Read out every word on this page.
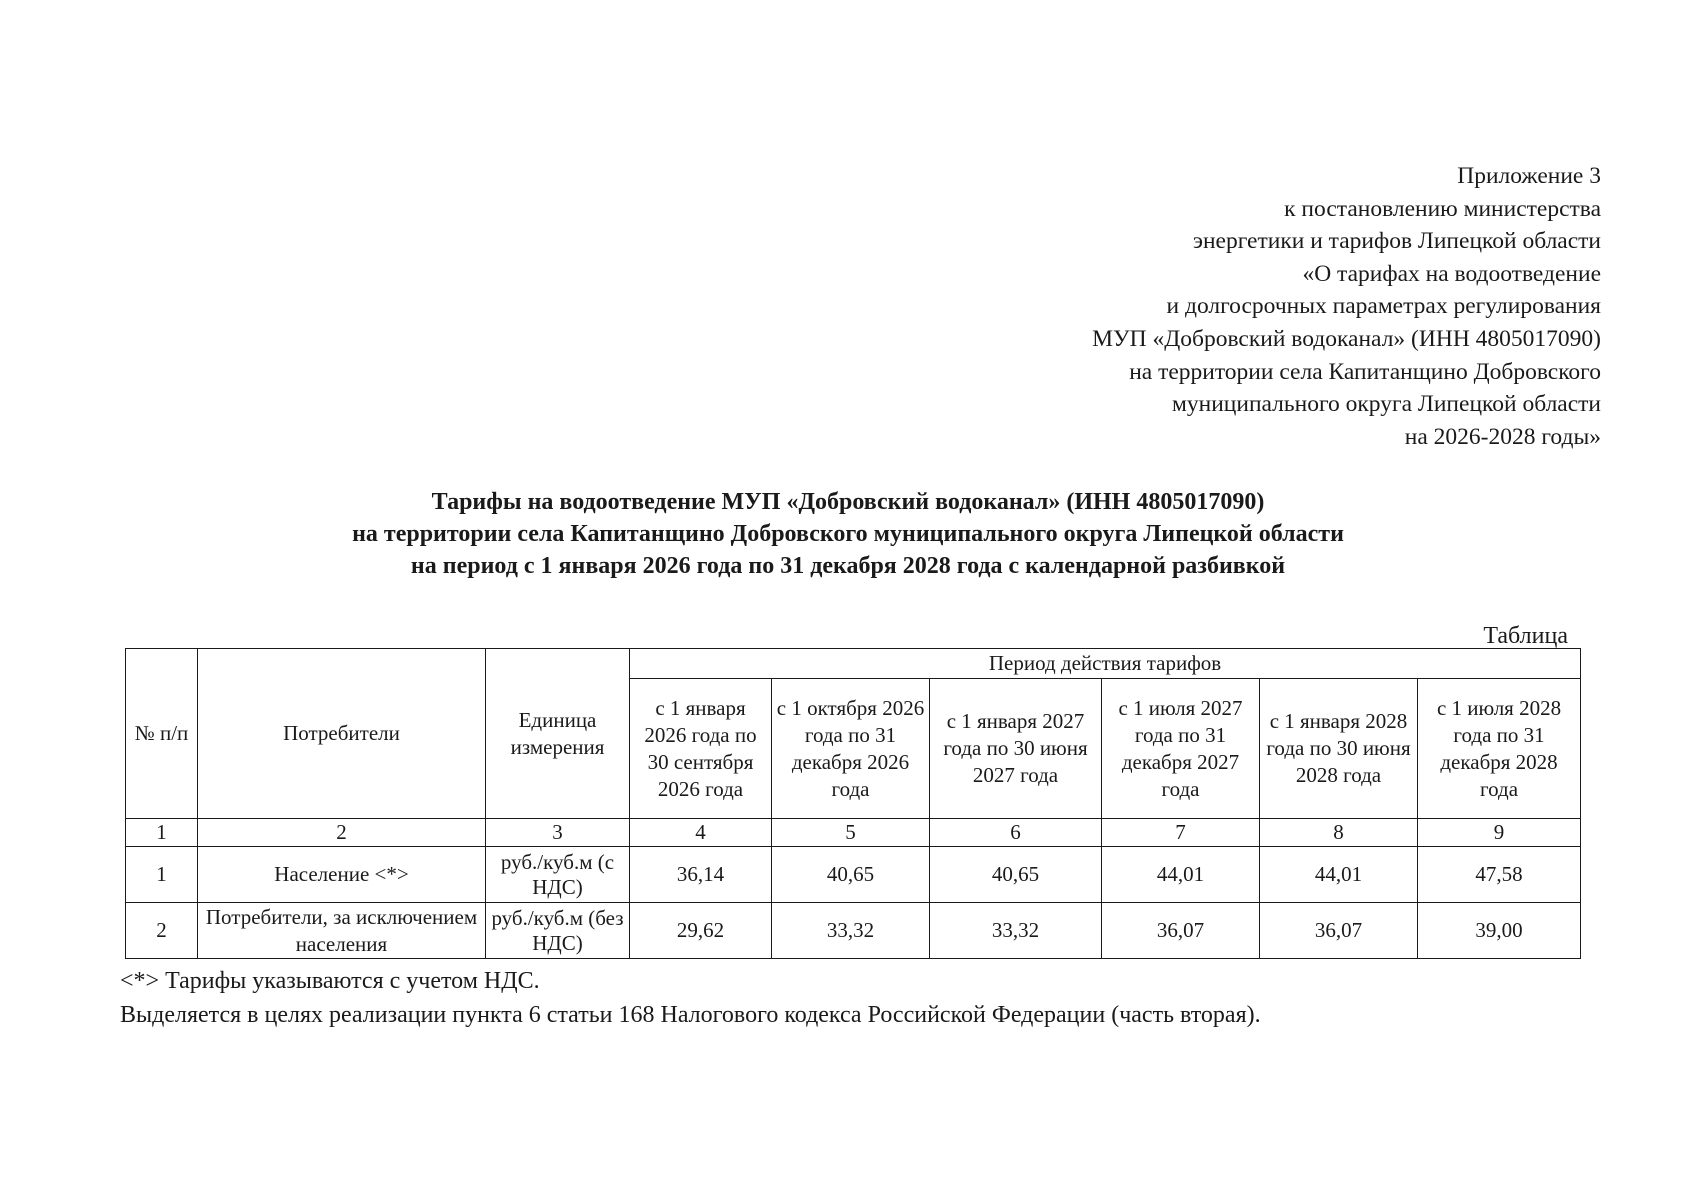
Приложение 3
к постановлению министерства
энергетики и тарифов Липецкой области
«О тарифах на водоотведение
и долгосрочных параметрах регулирования
МУП «Добровский водоканал» (ИНН 4805017090)
на территории села Капитанщино Добровского
муниципального округа Липецкой области
на 2026-2028 годы»
Тарифы на водоотведение МУП «Добровский водоканал» (ИНН 4805017090)
на территории села Капитанщино Добровского муниципального округа Липецкой области
на период с 1 января 2026 года по 31 декабря 2028 года с календарной разбивкой
Таблица
№ п/п	Потребители	Единица измерения	Период действия тарифов					
			с 1 января 2026 года по 30 сентября 2026 года	с 1 октября 2026 года по 31 декабря 2026 года	с 1 января 2027 года по 30 июня 2027 года	с 1 июля 2027 года по 31 декабря 2027 года	с 1 января 2028 года по 30 июня 2028 года	с 1 июля 2028 года по 31 декабря 2028 года
1	2	3	4	5	6	7	8	9
1	Население <*>	руб./куб.м (с НДС)	36,14	40,65	40,65	44,01	44,01	47,58
2	Потребители, за исключением населения	руб./куб.м (без НДС)	29,62	33,32	33,32	36,07	36,07	39,00
<*> Тарифы указываются с учетом НДС.
Выделяется в целях реализации пункта 6 статьи 168 Налогового кодекса Российской Федерации (часть вторая).
